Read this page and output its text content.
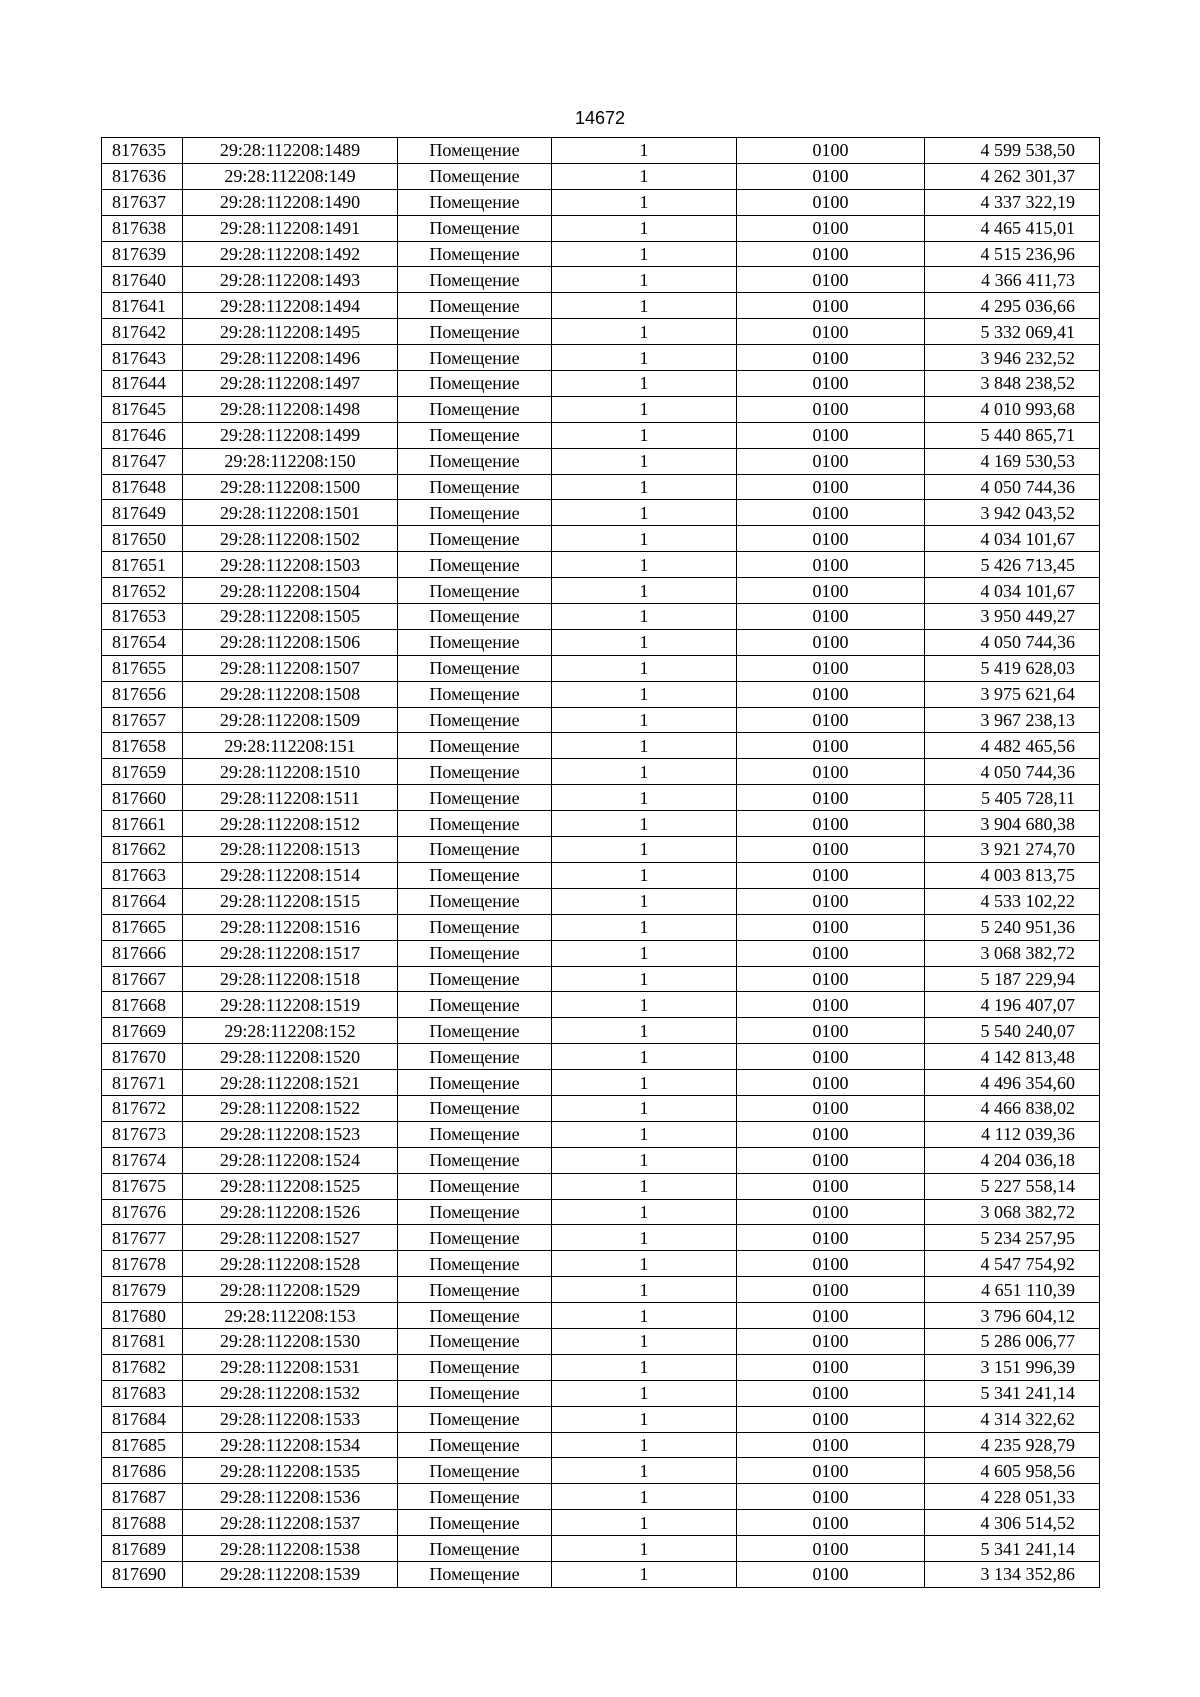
14672
817635	29:28:112208:1489	Помещение	1	0100	4 599 538,50
817636	29:28:112208:149	Помещение	1	0100	4 262 301,37
817637	29:28:112208:1490	Помещение	1	0100	4 337 322,19
817638	29:28:112208:1491	Помещение	1	0100	4 465 415,01
817639	29:28:112208:1492	Помещение	1	0100	4 515 236,96
817640	29:28:112208:1493	Помещение	1	0100	4 366 411,73
817641	29:28:112208:1494	Помещение	1	0100	4 295 036,66
817642	29:28:112208:1495	Помещение	1	0100	5 332 069,41
817643	29:28:112208:1496	Помещение	1	0100	3 946 232,52
817644	29:28:112208:1497	Помещение	1	0100	3 848 238,52
817645	29:28:112208:1498	Помещение	1	0100	4 010 993,68
817646	29:28:112208:1499	Помещение	1	0100	5 440 865,71
817647	29:28:112208:150	Помещение	1	0100	4 169 530,53
817648	29:28:112208:1500	Помещение	1	0100	4 050 744,36
817649	29:28:112208:1501	Помещение	1	0100	3 942 043,52
817650	29:28:112208:1502	Помещение	1	0100	4 034 101,67
817651	29:28:112208:1503	Помещение	1	0100	5 426 713,45
817652	29:28:112208:1504	Помещение	1	0100	4 034 101,67
817653	29:28:112208:1505	Помещение	1	0100	3 950 449,27
817654	29:28:112208:1506	Помещение	1	0100	4 050 744,36
817655	29:28:112208:1507	Помещение	1	0100	5 419 628,03
817656	29:28:112208:1508	Помещение	1	0100	3 975 621,64
817657	29:28:112208:1509	Помещение	1	0100	3 967 238,13
817658	29:28:112208:151	Помещение	1	0100	4 482 465,56
817659	29:28:112208:1510	Помещение	1	0100	4 050 744,36
817660	29:28:112208:1511	Помещение	1	0100	5 405 728,11
817661	29:28:112208:1512	Помещение	1	0100	3 904 680,38
817662	29:28:112208:1513	Помещение	1	0100	3 921 274,70
817663	29:28:112208:1514	Помещение	1	0100	4 003 813,75
817664	29:28:112208:1515	Помещение	1	0100	4 533 102,22
817665	29:28:112208:1516	Помещение	1	0100	5 240 951,36
817666	29:28:112208:1517	Помещение	1	0100	3 068 382,72
817667	29:28:112208:1518	Помещение	1	0100	5 187 229,94
817668	29:28:112208:1519	Помещение	1	0100	4 196 407,07
817669	29:28:112208:152	Помещение	1	0100	5 540 240,07
817670	29:28:112208:1520	Помещение	1	0100	4 142 813,48
817671	29:28:112208:1521	Помещение	1	0100	4 496 354,60
817672	29:28:112208:1522	Помещение	1	0100	4 466 838,02
817673	29:28:112208:1523	Помещение	1	0100	4 112 039,36
817674	29:28:112208:1524	Помещение	1	0100	4 204 036,18
817675	29:28:112208:1525	Помещение	1	0100	5 227 558,14
817676	29:28:112208:1526	Помещение	1	0100	3 068 382,72
817677	29:28:112208:1527	Помещение	1	0100	5 234 257,95
817678	29:28:112208:1528	Помещение	1	0100	4 547 754,92
817679	29:28:112208:1529	Помещение	1	0100	4 651 110,39
817680	29:28:112208:153	Помещение	1	0100	3 796 604,12
817681	29:28:112208:1530	Помещение	1	0100	5 286 006,77
817682	29:28:112208:1531	Помещение	1	0100	3 151 996,39
817683	29:28:112208:1532	Помещение	1	0100	5 341 241,14
817684	29:28:112208:1533	Помещение	1	0100	4 314 322,62
817685	29:28:112208:1534	Помещение	1	0100	4 235 928,79
817686	29:28:112208:1535	Помещение	1	0100	4 605 958,56
817687	29:28:112208:1536	Помещение	1	0100	4 228 051,33
817688	29:28:112208:1537	Помещение	1	0100	4 306 514,52
817689	29:28:112208:1538	Помещение	1	0100	5 341 241,14
817690	29:28:112208:1539	Помещение	1	0100	3 134 352,86
